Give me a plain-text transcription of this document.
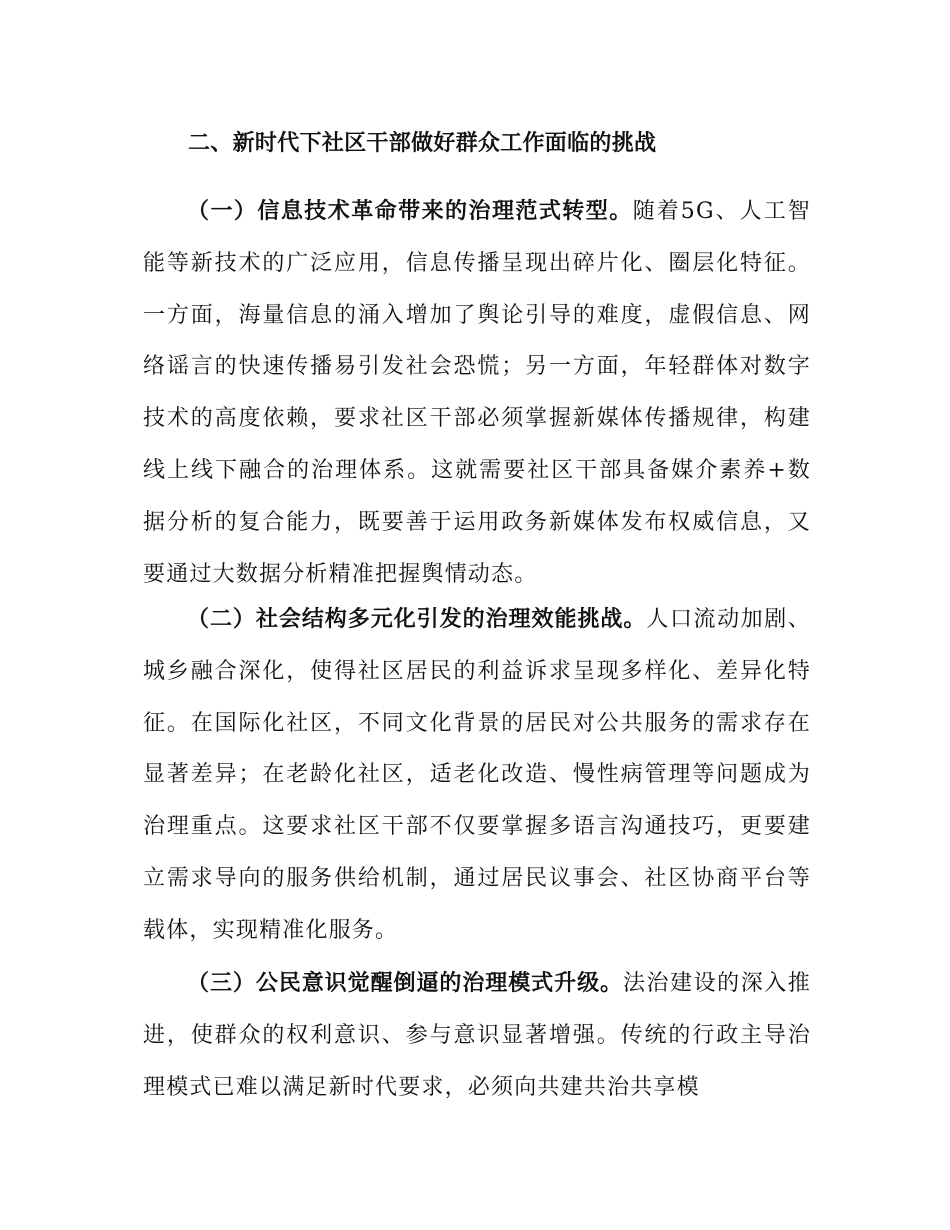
二、新时代下社区干部做好群众工作面临的挑战

（一）信息技术革命带来的治理范式转型。随着5G、人工智能等新技术的广泛应用，信息传播呈现出碎片化、圈层化特征。一方面，海量信息的涌入增加了舆论引导的难度，虚假信息、网络谣言的快速传播易引发社会恐慌；另一方面，年轻群体对数字技术的高度依赖，要求社区干部必须掌握新媒体传播规律，构建线上线下融合的治理体系。这就需要社区干部具备媒介素养+数据分析的复合能力，既要善于运用政务新媒体发布权威信息，又要通过大数据分析精准把握舆情动态。

（二）社会结构多元化引发的治理效能挑战。人口流动加剧、城乡融合深化，使得社区居民的利益诉求呈现多样化、差异化特征。在国际化社区，不同文化背景的居民对公共服务的需求存在显著差异；在老龄化社区，适老化改造、慢性病管理等问题成为治理重点。这要求社区干部不仅要掌握多语言沟通技巧，更要建立需求导向的服务供给机制，通过居民议事会、社区协商平台等载体，实现精准化服务。

（三）公民意识觉醒倒逼的治理模式升级。法治建设的深入推进，使群众的权利意识、参与意识显著增强。传统的行政主导治理模式已难以满足新时代要求，必须向共建共治共享模
